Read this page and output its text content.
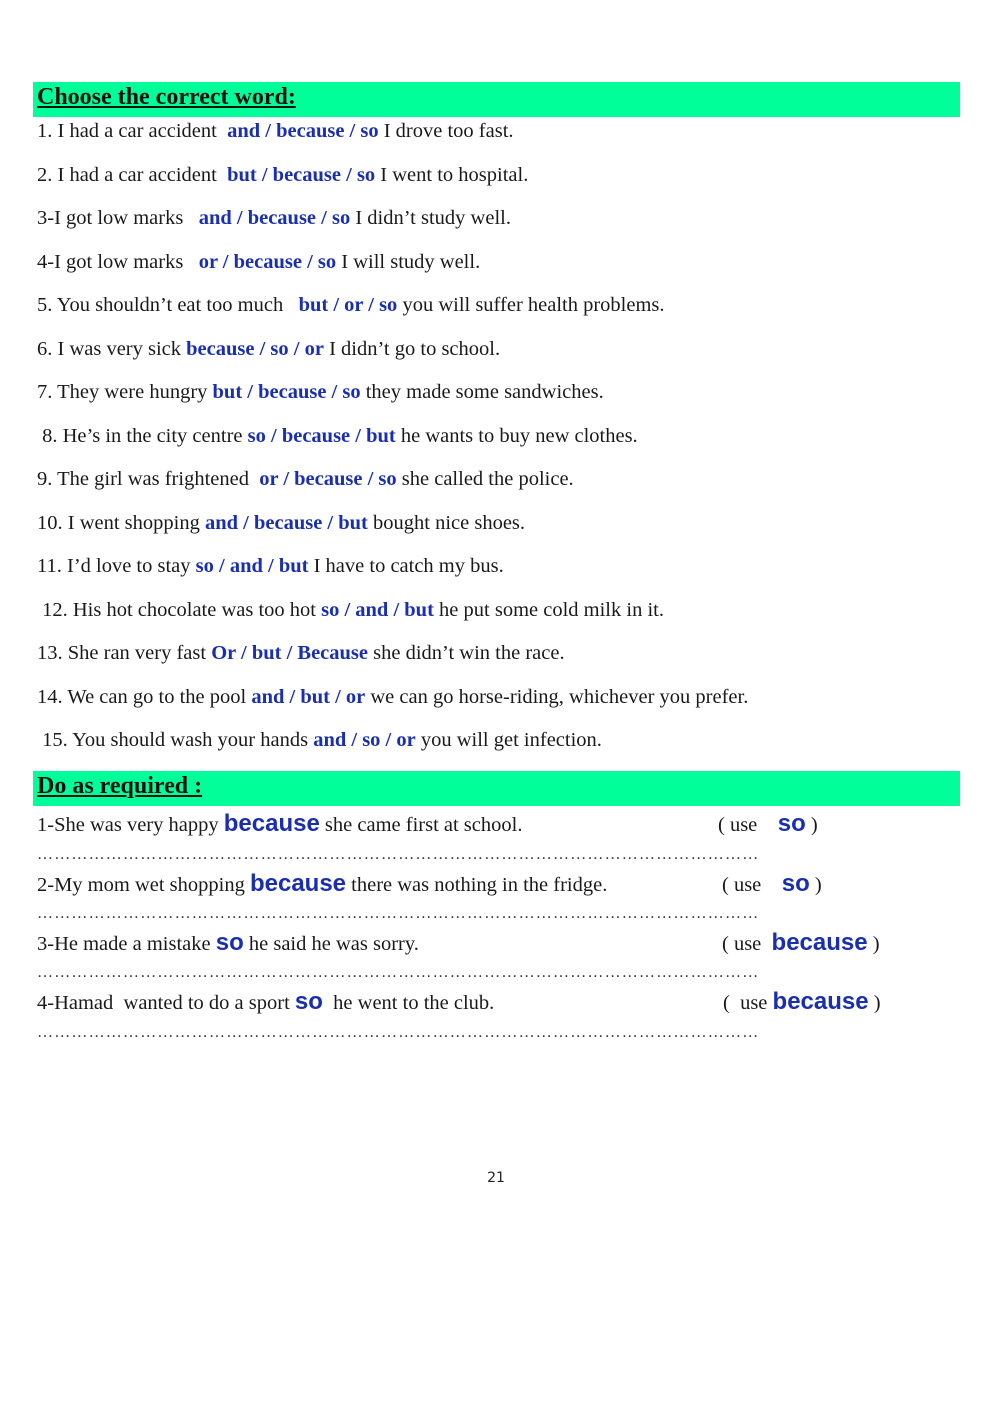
Choose the correct word:
1. I had a car accident  and / because / so I drove too fast.
2. I had a car accident  but / because / so I went to hospital.
3-I got low marks   and / because / so I didn’t study well.
4-I got low marks   or / because / so I will study well.
5. You shouldn’t eat too much   but / or / so you will suffer health problems.
6. I was very sick because / so / or I didn’t go to school.
7. They were hungry but / because / so they made some sandwiches.
8. He’s in the city centre so / because / but he wants to buy new clothes.
9. The girl was frightened  or / because / so she called the police.
10. I went shopping and / because / but bought nice shoes.
11. I’d love to stay so / and / but I have to catch my bus.
12. His hot chocolate was too hot so / and / but he put some cold milk in it.
13. She ran very fast Or / but / Because she didn’t win the race.
14. We can go to the pool and / but / or we can go horse-riding, whichever you prefer.
15. You should wash your hands and / so / or you will get infection.
Do as required :
1-She was very happy because she came first at school.	( use    so )
………………………………………………………………………………………………………………
2-My mom wet shopping because there was nothing in the fridge.	( use    so )
………………………………………………………………………………………………………………
3-He made a mistake so he said he was sorry.	( use  because )
………………………………………………………………………………………………………………
4-Hamad  wanted to do a sport so  he went to the club.	(  use because )
………………………………………………………………………………………………………………
21
